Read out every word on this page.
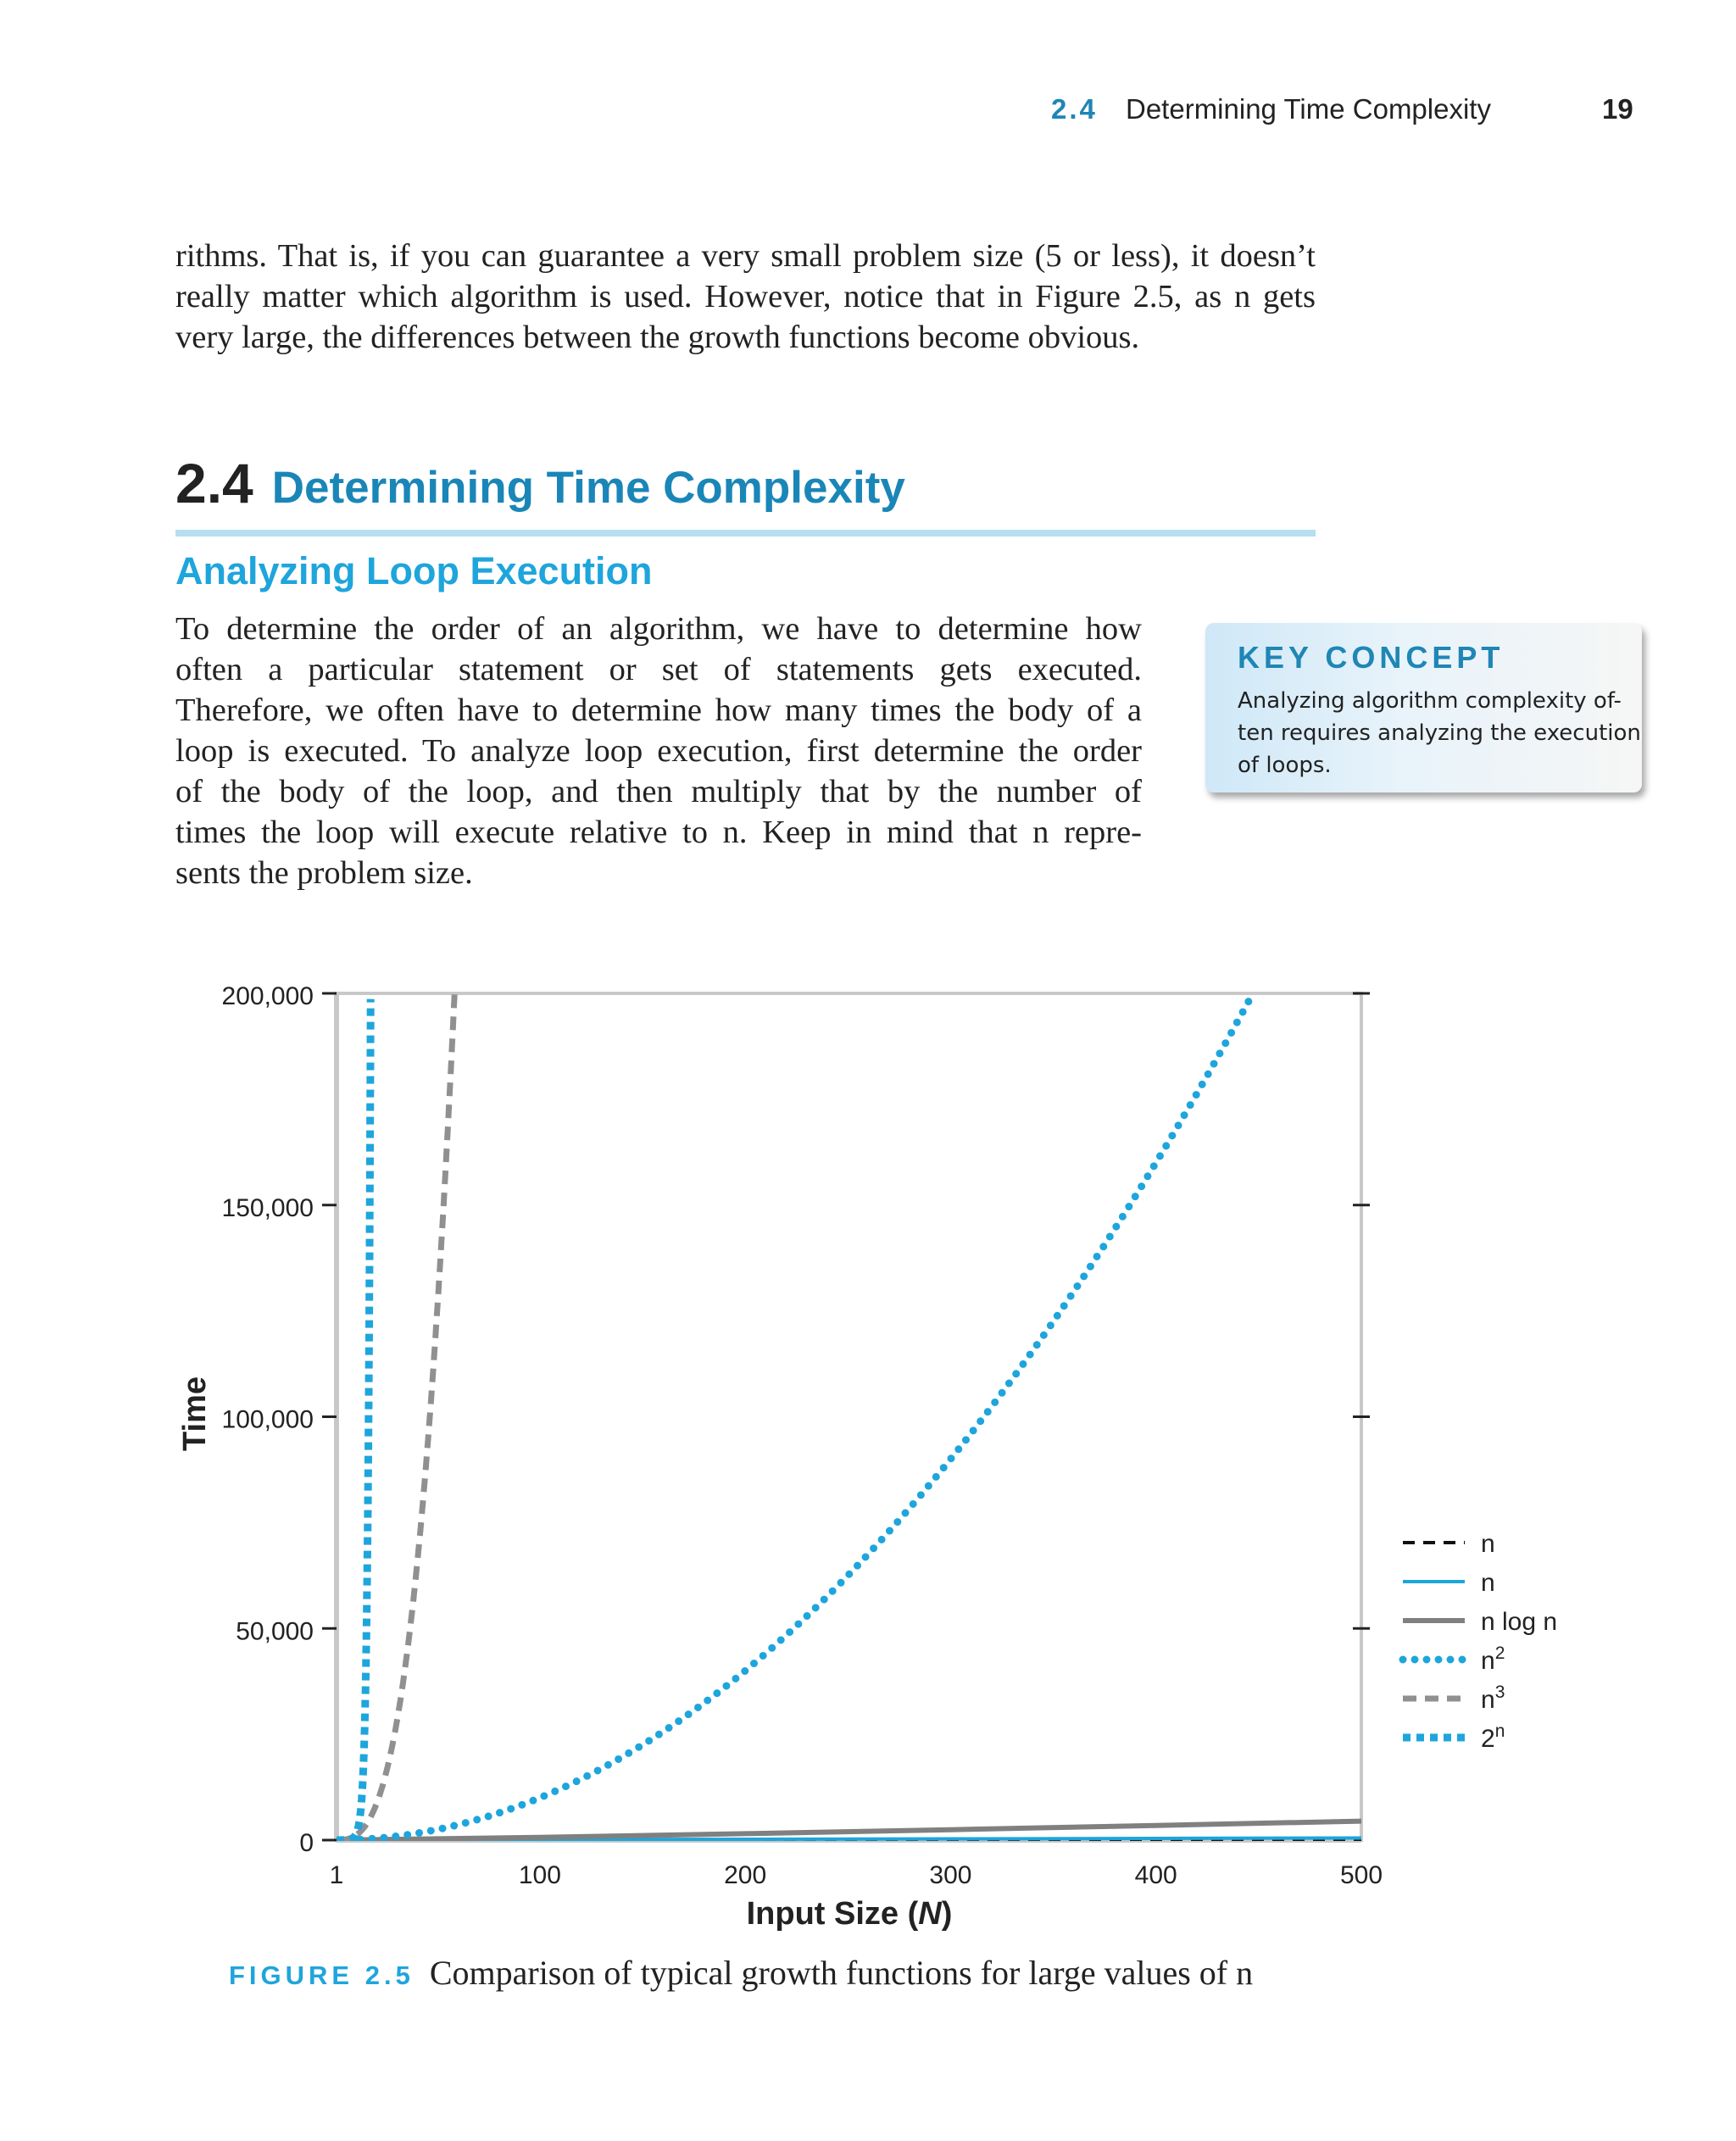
2.4 Determining Time Complexity	19
rithms. That is, if you can guarantee a very small problem size (5 or less), it doesn’t
really matter which algorithm is used. However, notice that in Figure 2.5, as n gets
very large, the differences between the growth functions become obvious.
2.4 Determining Time Complexity
Analyzing Loop Execution
To determine the order of an algorithm, we have to determine how
often a particular statement or set of statements gets executed.
Therefore, we often have to determine how many times the body of a
loop is executed. To analyze loop execution, first determine the order
of the body of the loop, and then multiply that by the number of
times the loop will execute relative to n. Keep in mind that n repre-
sents the problem size.
KEY CONCEPT
Analyzing algorithm complexity of-
ten requires analyzing the execution
of loops.
0
50,000
100,000
150,000
200,000
1	100	200	300	400	500
Time
Input Size (N)
n
n
n log n
$n^2$
$n^3$
2$^n$
FIGURE 2.5 Comparison of typical growth functions for large values of n
